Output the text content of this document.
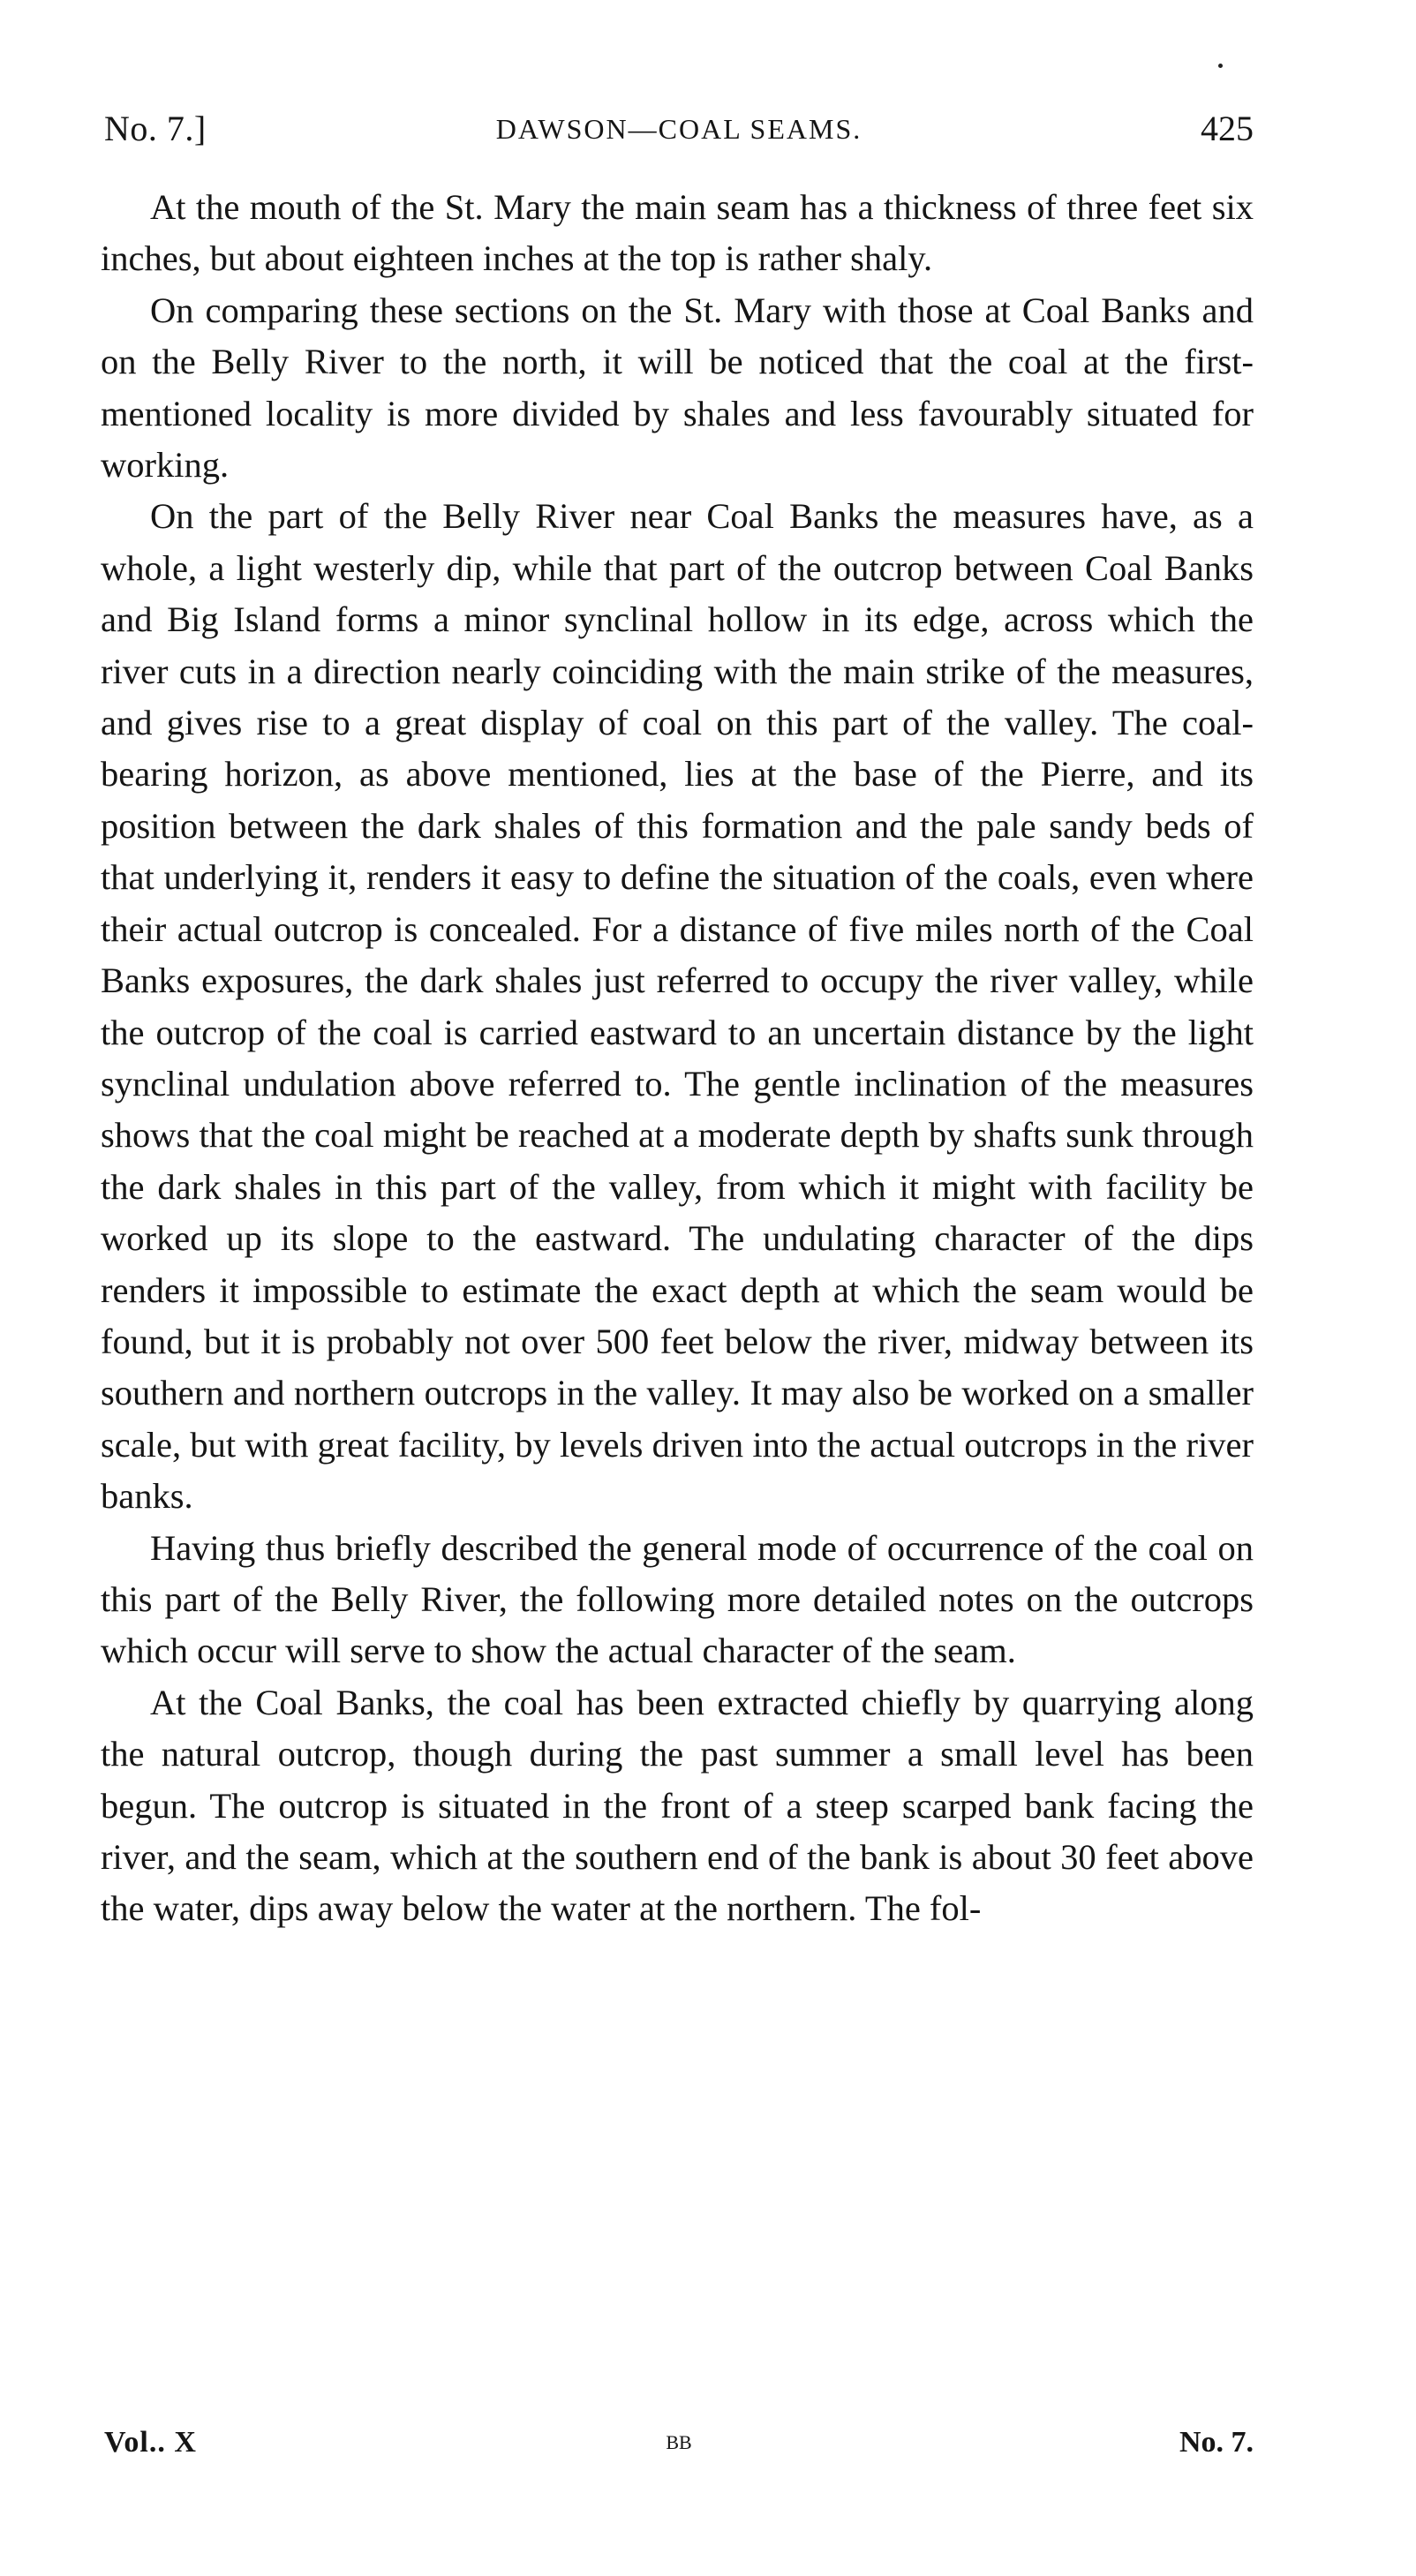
No. 7.]	DAWSON—COAL SEAMS.	425

At the mouth of the St. Mary the main seam has a thickness of three feet six inches, but about eighteen inches at the top is rather shaly.

On comparing these sections on the St. Mary with those at Coal Banks and on the Belly River to the north, it will be noticed that the coal at the first-mentioned locality is more divided by shales and less favourably situated for working.

On the part of the Belly River near Coal Banks the measures have, as a whole, a light westerly dip, while that part of the outcrop between Coal Banks and Big Island forms a minor synclinal hollow in its edge, across which the river cuts in a direction nearly coinciding with the main strike of the measures, and gives rise to a great display of coal on this part of the valley. The coal-bearing horizon, as above mentioned, lies at the base of the Pierre, and its position between the dark shales of this formation and the pale sandy beds of that underlying it, renders it easy to define the situation of the coals, even where their actual outcrop is concealed. For a distance of five miles north of the Coal Banks exposures, the dark shales just referred to occupy the river valley, while the outcrop of the coal is carried eastward to an uncertain distance by the light synclinal undulation above referred to. The gentle inclination of the measures shows that the coal might be reached at a moderate depth by shafts sunk through the dark shales in this part of the valley, from which it might with facility be worked up its slope to the eastward. The undulating character of the dips renders it impossible to estimate the exact depth at which the seam would be found, but it is probably not over 500 feet below the river, midway between its southern and northern outcrops in the valley. It may also be worked on a smaller scale, but with great facility, by levels driven into the actual outcrops in the river banks.

Having thus briefly described the general mode of occurrence of the coal on this part of the Belly River, the following more detailed notes on the outcrops which occur will serve to show the actual character of the seam.

At the Coal Banks, the coal has been extracted chiefly by quarrying along the natural outcrop, though during the past summer a small level has been begun. The outcrop is situated in the front of a steep scarped bank facing the river, and the seam, which at the southern end of the bank is about 30 feet above the water, dips away below the water at the northern. The fol-

Vol.. X	BB	No. 7.
